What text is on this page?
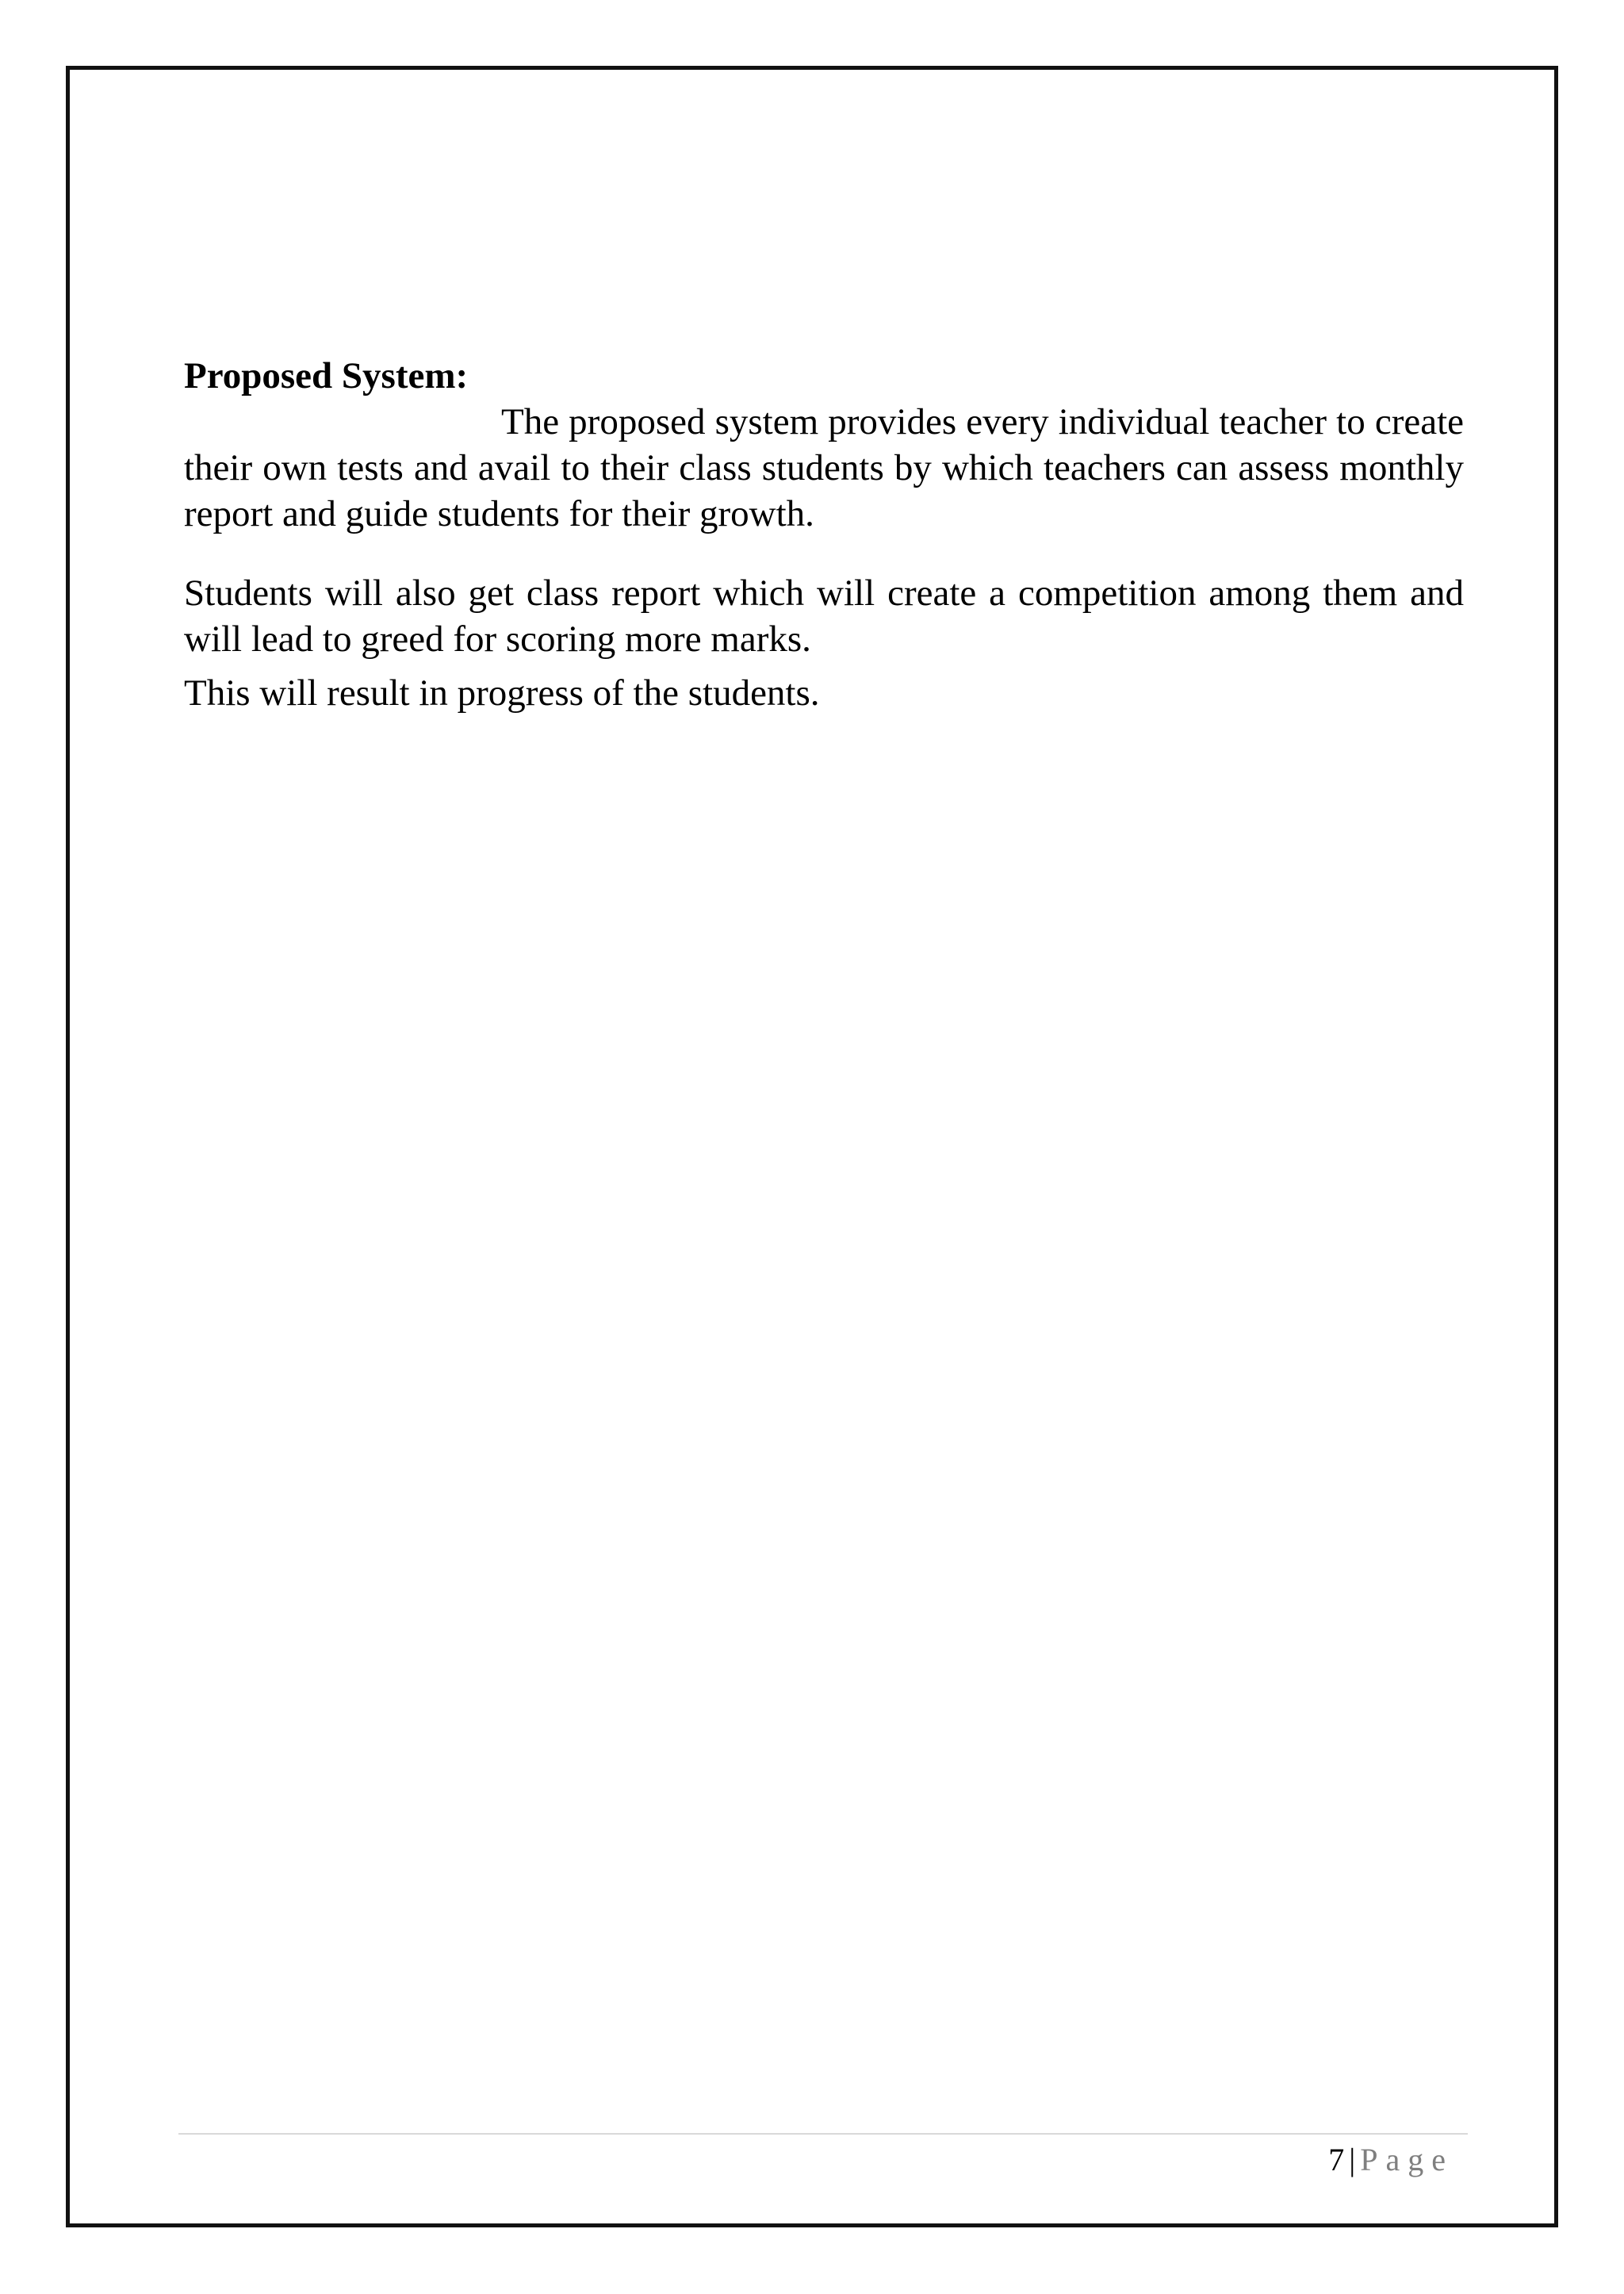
Proposed System:

The proposed system provides every individual teacher to create their own tests and avail to their class students by which teachers can assess monthly report and guide students for their growth.

Students will also get class report which will create a competition among them and will lead to greed for scoring more marks.

This will result in progress of the students.

7 | Page
